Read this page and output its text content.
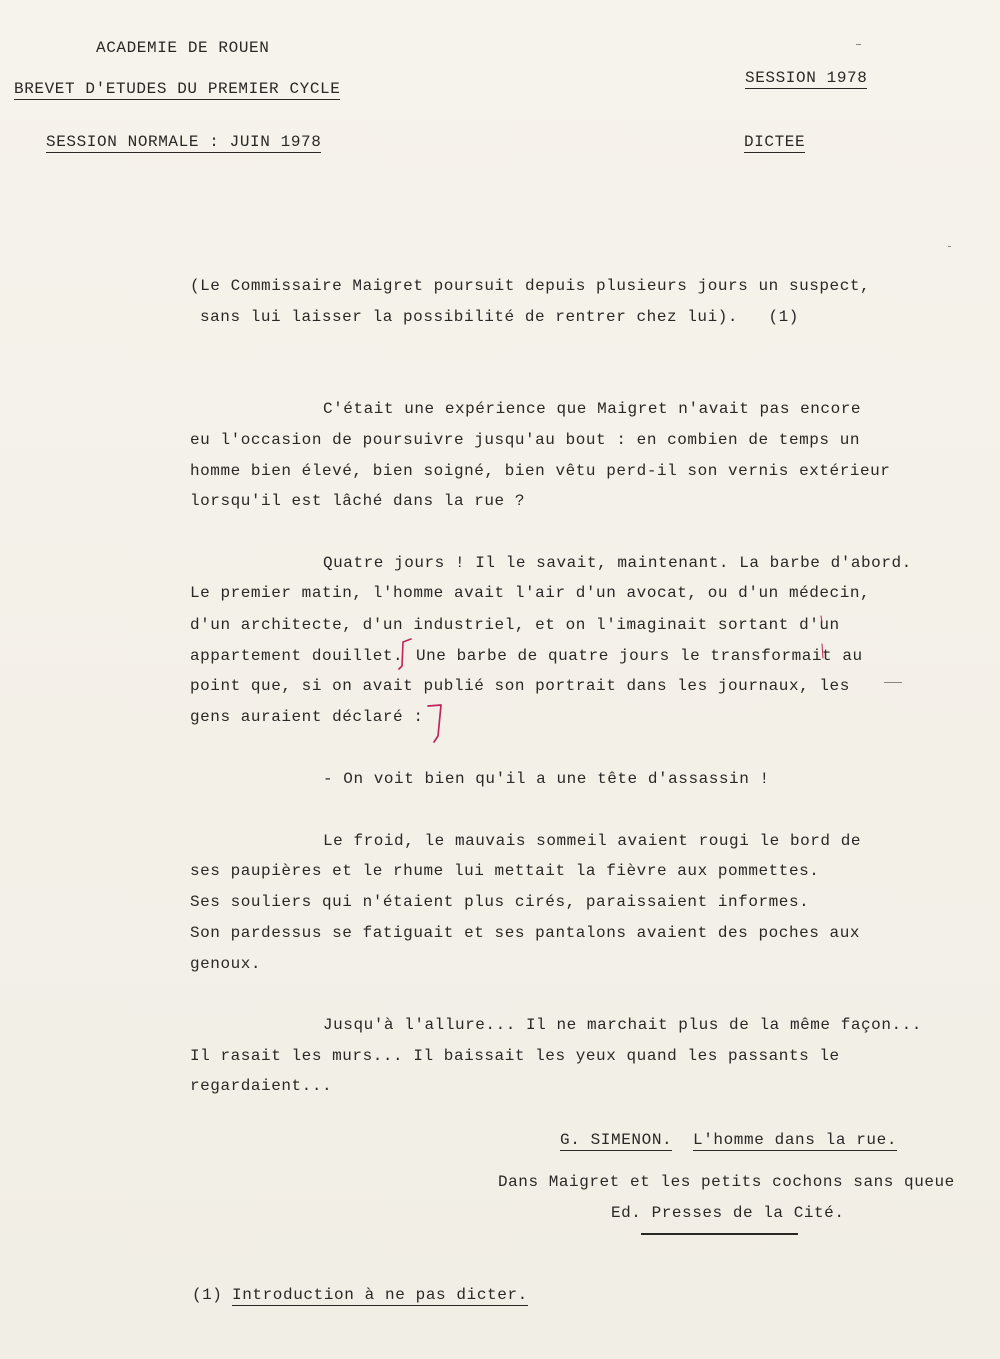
ACADEMIE DE ROUEN
BREVET D'ETUDES DU PREMIER CYCLE
SESSION NORMALE : JUIN 1978
SESSION 1978
DICTEE
(Le Commissaire Maigret poursuit depuis plusieurs jours un suspect,
sans lui laisser la possibilité de rentrer chez lui).   (1)
C'était une expérience que Maigret n'avait pas encore
eu l'occasion de poursuivre jusqu'au bout : en combien de temps un
homme bien élevé, bien soigné, bien vêtu perd-il son vernis extérieur
lorsqu'il est lâché dans la rue ?
Quatre jours ! Il le savait, maintenant. La barbe d'abord.
Le premier matin, l'homme avait l'air d'un avocat, ou d'un médecin,
d'un architecte, d'un industriel, et on l'imaginait sortant d'un
appartement douillet. Une barbe de quatre jours le transformait au
point que, si on avait publié son portrait dans les journaux, les
gens auraient déclaré :
- On voit bien qu'il a une tête d'assassin !
Le froid, le mauvais sommeil avaient rougi le bord de
ses paupières et le rhume lui mettait la fièvre aux pommettes.
Ses souliers qui n'étaient plus cirés, paraissaient informes.
Son pardessus se fatiguait et ses pantalons avaient des poches aux
genoux.
Jusqu'à l'allure... Il ne marchait plus de la même façon...
Il rasait les murs... Il baissait les yeux quand les passants le
regardaient...
G. SIMENON. L'homme dans la rue.
Dans Maigret et les petits cochons sans queue
Ed. Presses de la Cité.
(1) Introduction à ne pas dicter.
